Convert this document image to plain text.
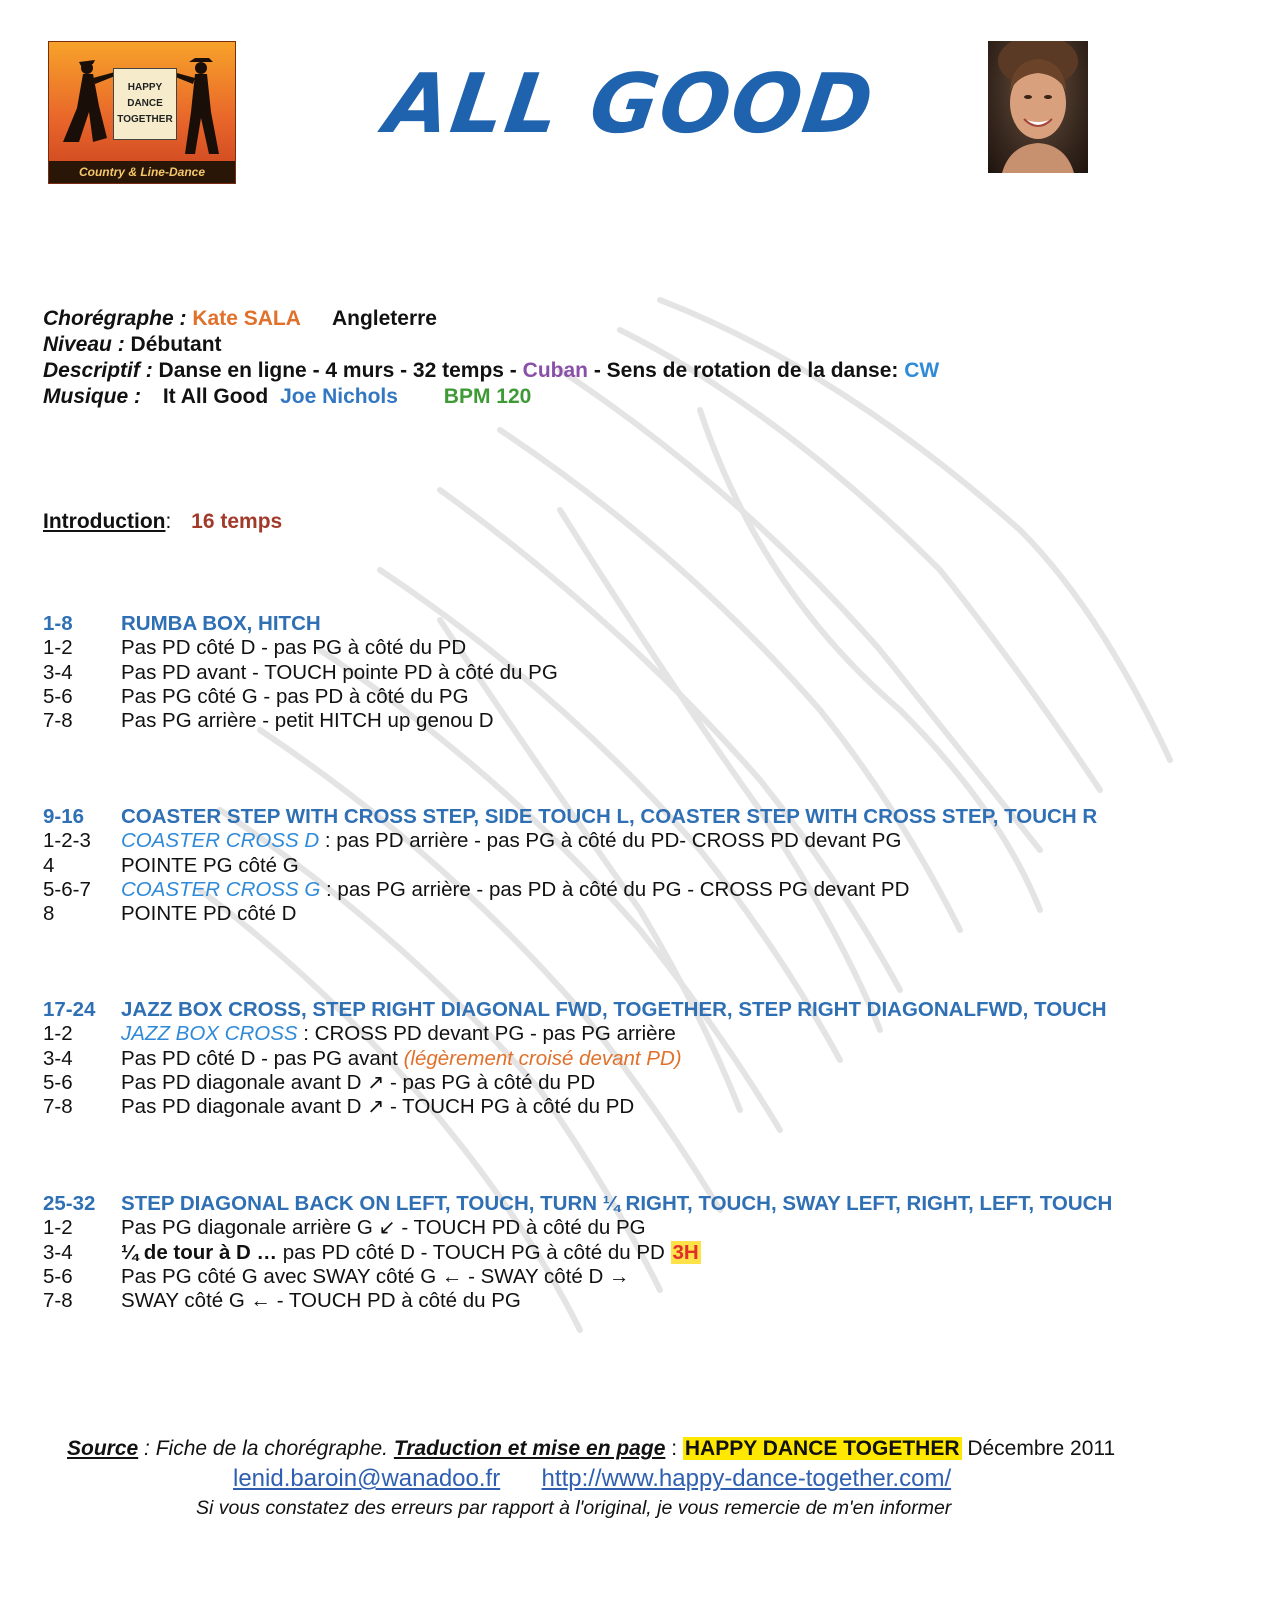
HAPPY
DANCE
TOGETHER
Country & Line-Dance
ALL GOOD
Chorégraphe : Kate SALA Angleterre
Niveau : Débutant
Descriptif : Danse en ligne - 4 murs - 32 temps - Cuban - Sens de rotation de la danse: CW
Musique : It All Good Joe Nichols BPM 120
Introduction: 16 temps
1-8	RUMBA BOX, HITCH
1-2	Pas PD côté D - pas PG à côté du PD
3-4	Pas PD avant - TOUCH pointe PD à côté du PG
5-6	Pas PG côté G - pas PD à côté du PG
7-8	Pas PG arrière - petit HITCH up genou D
9-16	COASTER STEP WITH CROSS STEP, SIDE TOUCH L, COASTER STEP WITH CROSS STEP, TOUCH R
1-2-3	COASTER CROSS D : pas PD arrière - pas PG à côté du PD- CROSS PD devant PG
4	POINTE PG côté G
5-6-7	COASTER CROSS G : pas PG arrière - pas PD à côté du PG - CROSS PG devant PD
8	POINTE PD côté D
17-24	JAZZ BOX CROSS, STEP RIGHT DIAGONAL FWD, TOGETHER, STEP RIGHT DIAGONALFWD, TOUCH
1-2	JAZZ BOX CROSS : CROSS PD devant PG - pas PG arrière
3-4	Pas PD côté D - pas PG avant (légèrement croisé devant PD)
5-6	Pas PD diagonale avant D ↗ - pas PG à côté du PD
7-8	Pas PD diagonale avant D ↗ - TOUCH PG à côté du PD
25-32	STEP DIAGONAL BACK ON LEFT, TOUCH, TURN ¼ RIGHT, TOUCH, SWAY LEFT, RIGHT, LEFT, TOUCH
1-2	Pas PG diagonale arrière G ↙ - TOUCH PD à côté du PG
3-4	¼ de tour à D … pas PD côté D - TOUCH PG à côté du PD 3H
5-6	Pas PG côté G avec SWAY côté G ← - SWAY côté D →
7-8	SWAY côté G ← - TOUCH PD à côté du PG
Source : Fiche de la chorégraphe. Traduction et mise en page : HAPPY DANCE TOGETHER Décembre 2011
lenid.baroin@wanadoo.fr http://www.happy-dance-together.com/
Si vous constatez des erreurs par rapport à l'original, je vous remercie de m'en informer
